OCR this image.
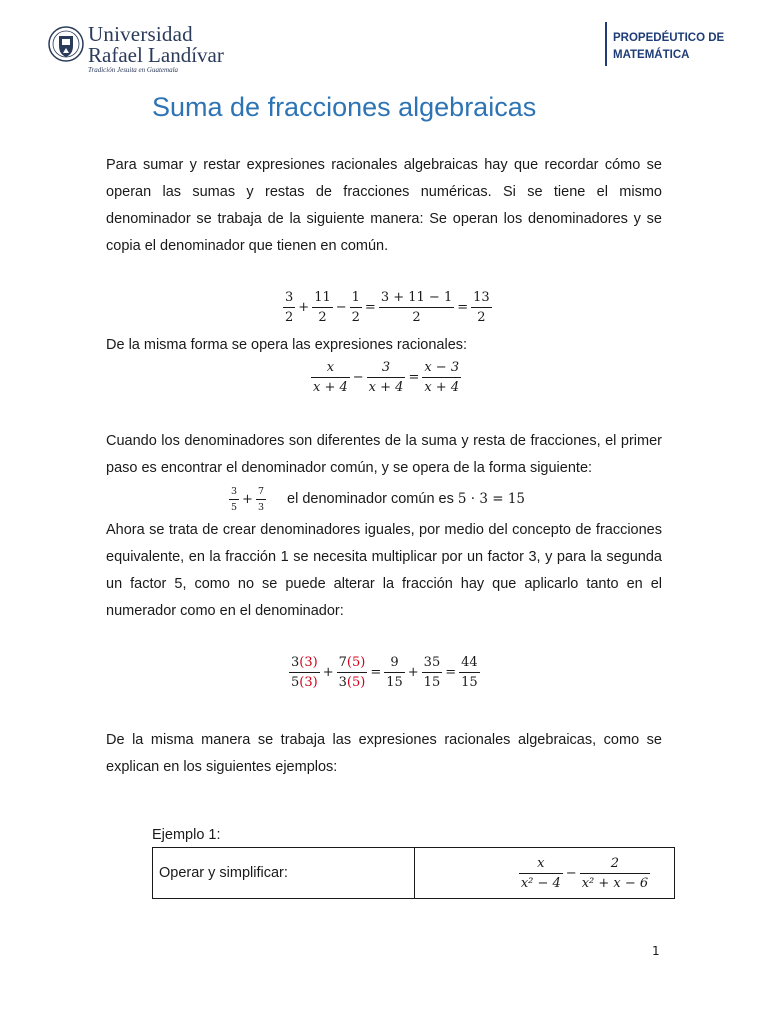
Universidad
Rafael Landívar
Tradición Jesuita en Guatemala
PROPEDÉUTICO DE
MATEMÁTICA
Suma de fracciones algebraicas
Para sumar y restar expresiones racionales algebraicas hay que recordar cómo se operan las sumas y restas de fracciones numéricas. Si se tiene el mismo denominador se trabaja de la siguiente manera: Se operan los denominadores y se copia el denominador que tienen en común.
$\frac{3}{2} + \frac{11}{2} - \frac{1}{2} = \frac{3 + 11 - 1}{2} = \frac{13}{2}$
De la misma forma se opera las expresiones racionales:
$\frac{x}{x + 4} - \frac{3}{x + 4} = \frac{x - 3}{x + 4}$
Cuando los denominadores son diferentes de la suma y resta de fracciones, el primer paso es encontrar el denominador común, y se opera de la forma siguiente:
$\frac{3}{5} + \frac{7}{3}$ el denominador común es 5 · 3 = 15
Ahora se trata de crear denominadores iguales, por medio del concepto de fracciones equivalente, en la fracción 1 se necesita multiplicar por un factor 3, y para la segunda un factor 5, como no se puede alterar la fracción hay que aplicarlo tanto en el numerador como en el denominador:
$\frac{3(3)}{5(3)} + \frac{7(5)}{3(5)} = \frac{9}{15} + \frac{35}{15} = \frac{44}{15}$
De la misma manera se trabaja las expresiones racionales algebraicas, como se explican en los siguientes ejemplos:
Ejemplo 1:
Operar y simplificar:	$\frac{x}{\text{x² − 4}} - \frac{2}{\text{x² + x − 6}}$
1
